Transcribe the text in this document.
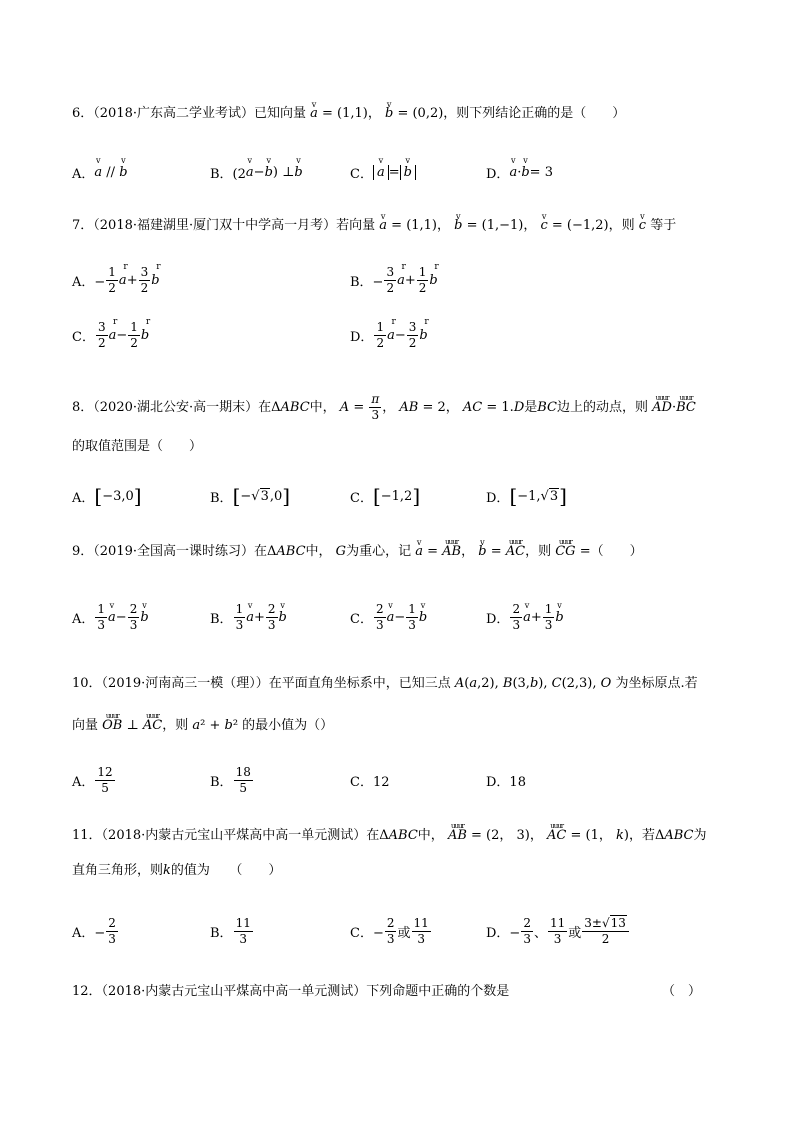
6．（2018·广东高二学业考试）已知向量 v a = (1,1)， v b = (0,2)，则下列结论正确的是（　　）
A． v a // v b	B．(2 v a − v b ) ⊥ v b	C． v a = v b	D． v a · v b = 3
7．（2018·福建湖里·厦门双十中学高一月考）若向量 v a = (1,1)， v b = (1,−1)， v c = (−1,2)，则 v c 等于
A．− $\frac{1}{2}$ r $a + \frac{3}{2}$ r b	B．− $\frac{3}{2}$ r $a + \frac{1}{2}$ r b
C． $\frac{3}{2}$ r $a - \frac{1}{2}$ r b	D． $\frac{1}{2}$ r $a - \frac{3}{2}$ r b
8．（2020·湖北公安·高一期末）在ΔABC中， $A = \frac{\pi}{3}$ ， AB = 2， AC = 1.D是BC边上的动点，则 uuur AD·uuur BC
的取值范围是（　　）
A． [ −3,0 ]	B． [ −√ 3 ,0 ]	C． [ −1,2 ]	D． [ −1,√ 3 ]
9．（2019·全国高一课时练习）在ΔABC中， G为重心，记 v a = uuur AB， v b = uuur AC，则 uuur CG =（　　）
A． $\frac{1}{3}$ v $a - \frac{2}{3}$ v b	B． $\frac{1}{3}$ v $a + \frac{2}{3}$ v b	C． $\frac{2}{3}$ v $a - \frac{1}{3}$ v b	D． $\frac{2}{3}$ v $a + \frac{1}{3}$ v b
10．（2019·河南高三一模（理））在平面直角坐标系中，已知三点 A(a,2), B(3,b), C(2,3), O 为坐标原点.若
向量 uuur OB ⊥ uuur AC，则 a² + b² 的最小值为（）
A． $\frac{12}{5}$	B． $\frac{18}{5}$	C．12	D．18
11．（2018·内蒙古元宝山平煤高中高一单元测试）在ΔABC中， uuur AB = (2， 3)， uuur AC = (1， k)，若ΔABC为
直角三角形，则k的值为　　（　　）
A．− $\frac{2}{3}$	B． $\frac{11}{3}$	C．− $\frac{2}{3}$ 或 $\frac{11}{3}$	D．− $\frac{2}{3}$ 、 $\frac{11}{3}$ 或 $\frac{3\pm√13}{2}$
12．（2018·内蒙古元宝山平煤高中高一单元测试）下列命题中正确的个数是	（　）
